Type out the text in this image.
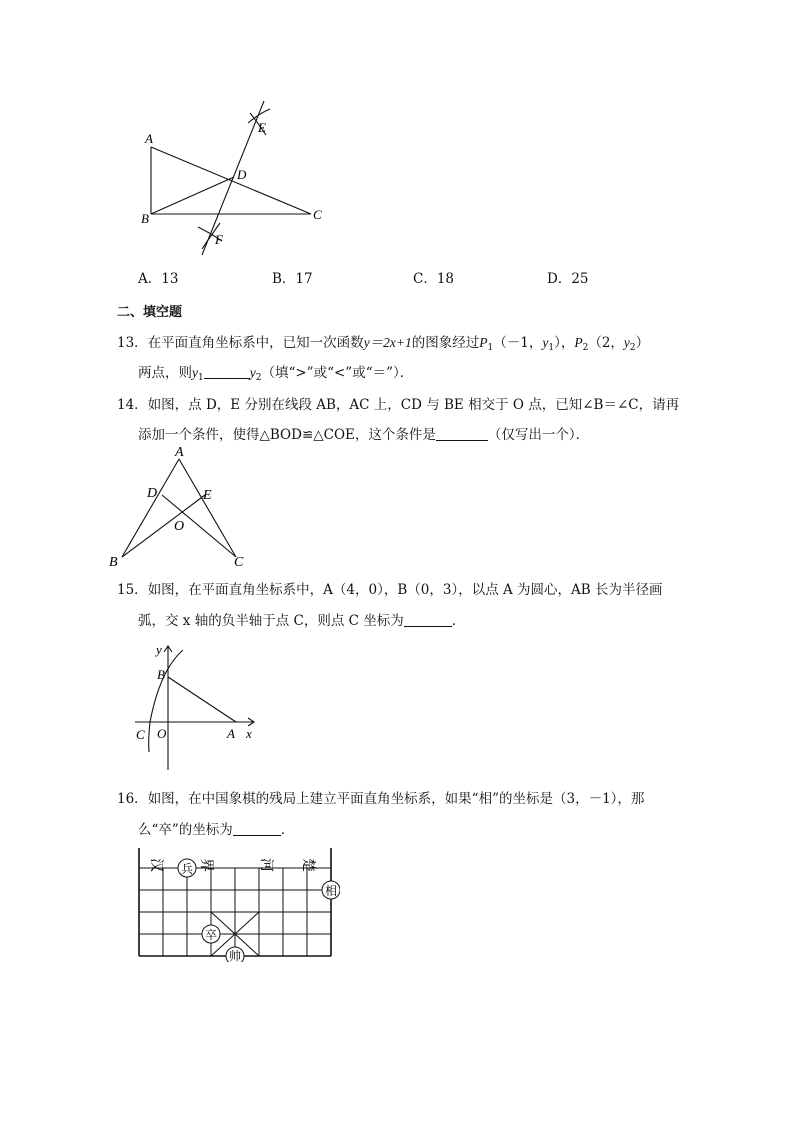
A
B	C
D
E
F
A．13	B．17	C．18	D．25
二、填空题
13．在平面直角坐标系中，已知一次函数y＝2x+1的图象经过$P_1(-1$，$y_1$），$P_2(2$，$y_2$）
两点，则$y_1$	$y_2$（填“>”或“<”或“＝”）．
14．如图，点 D，E 分别在线段 AB，AC 上，CD 与 BE 相交于 O 点，已知∠B＝∠C，请再
添加一个条件，使得△BOD≌△COE，这个条件是	（仅写出一个）．
A
D	E
O
B	C
15．如图，在平面直角坐标系中，A（4，0），B（0，3），以点 A 为圆心，AB 长为半径画
弧，交 x 轴的负半轴于点 C，则点 C 坐标为	．
y
B
C O	A x
16．如图，在中国象棋的残局上建立平面直角坐标系，如果“相”的坐标是（3，－1），那
么“卒”的坐标为	．
汉 界	河 楚
兵
相
卒
帅
